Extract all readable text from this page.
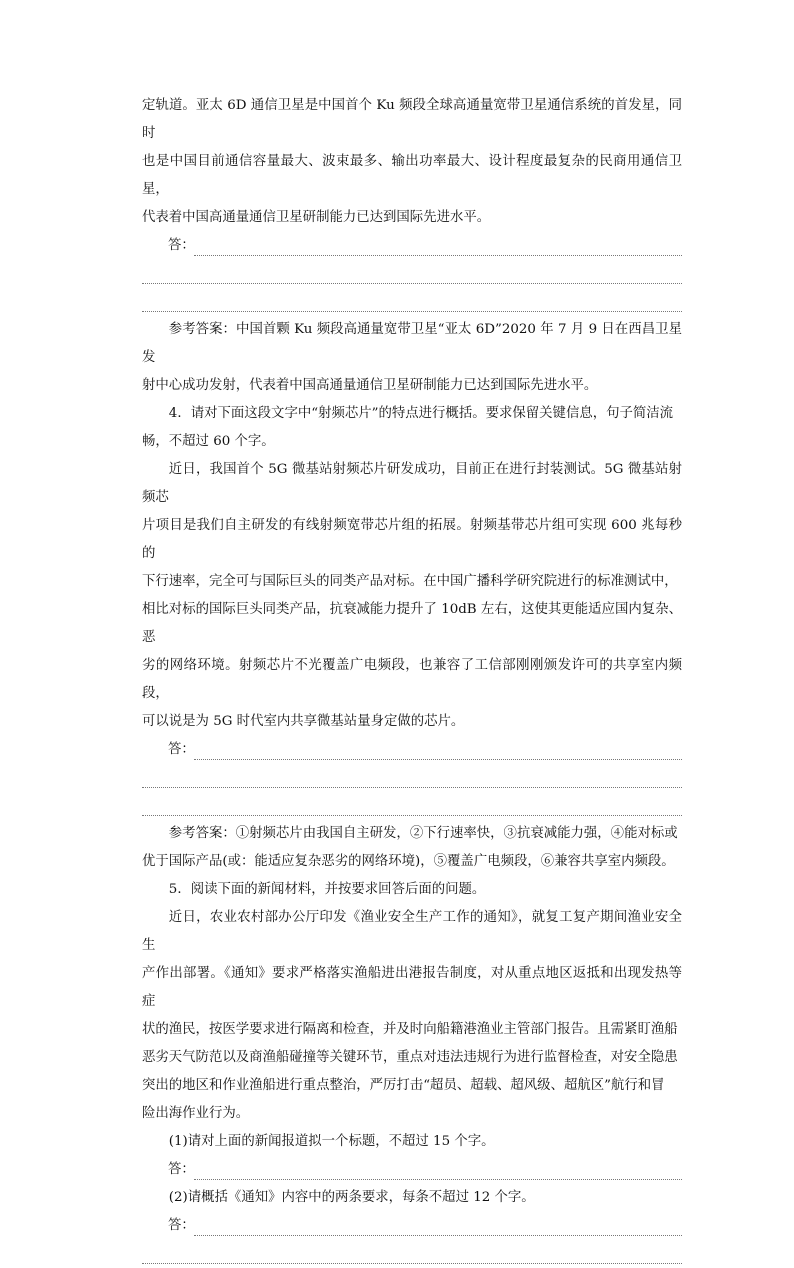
定轨道。亚太 6D 通信卫星是中国首个 Ku 频段全球高通量宽带卫星通信系统的首发星，同时
也是中国目前通信容量最大、波束最多、输出功率最大、设计程度最复杂的民商用通信卫星，
代表着中国高通量通信卫星研制能力已达到国际先进水平。
答：
参考答案：中国首颗 Ku 频段高通量宽带卫星“亚太 6D”2020 年 7 月 9 日在西昌卫星发
射中心成功发射，代表着中国高通量通信卫星研制能力已达到国际先进水平。
4．请对下面这段文字中“射频芯片”的特点进行概括。要求保留关键信息，句子简洁流
畅，不超过 60 个字。
近日，我国首个 5G 微基站射频芯片研发成功，目前正在进行封装测试。5G 微基站射频芯
片项目是我们自主研发的有线射频宽带芯片组的拓展。射频基带芯片组可实现 600 兆每秒的
下行速率，完全可与国际巨头的同类产品对标。在中国广播科学研究院进行的标准测试中，
相比对标的国际巨头同类产品，抗衰减能力提升了 10dB 左右，这使其更能适应国内复杂、恶
劣的网络环境。射频芯片不光覆盖广电频段，也兼容了工信部刚刚颁发许可的共享室内频段，
可以说是为 5G 时代室内共享微基站量身定做的芯片。
答：
参考答案：①射频芯片由我国自主研发，②下行速率快，③抗衰减能力强，④能对标或
优于国际产品(或：能适应复杂恶劣的网络环境)，⑤覆盖广电频段，⑥兼容共享室内频段。
5．阅读下面的新闻材料，并按要求回答后面的问题。
近日，农业农村部办公厅印发《渔业安全生产工作的通知》，就复工复产期间渔业安全生
产作出部署。《通知》要求严格落实渔船进出港报告制度，对从重点地区返抵和出现发热等症
状的渔民，按医学要求进行隔离和检查，并及时向船籍港渔业主管部门报告。且需紧盯渔船
恶劣天气防范以及商渔船碰撞等关键环节，重点对违法违规行为进行监督检查，对安全隐患
突出的地区和作业渔船进行重点整治，严厉打击“超员、超载、超风级、超航区”航行和冒
险出海作业行为。
(1)请对上面的新闻报道拟一个标题，不超过 15 个字。
答：
(2)请概括《通知》内容中的两条要求，每条不超过 12 个字。
答：
